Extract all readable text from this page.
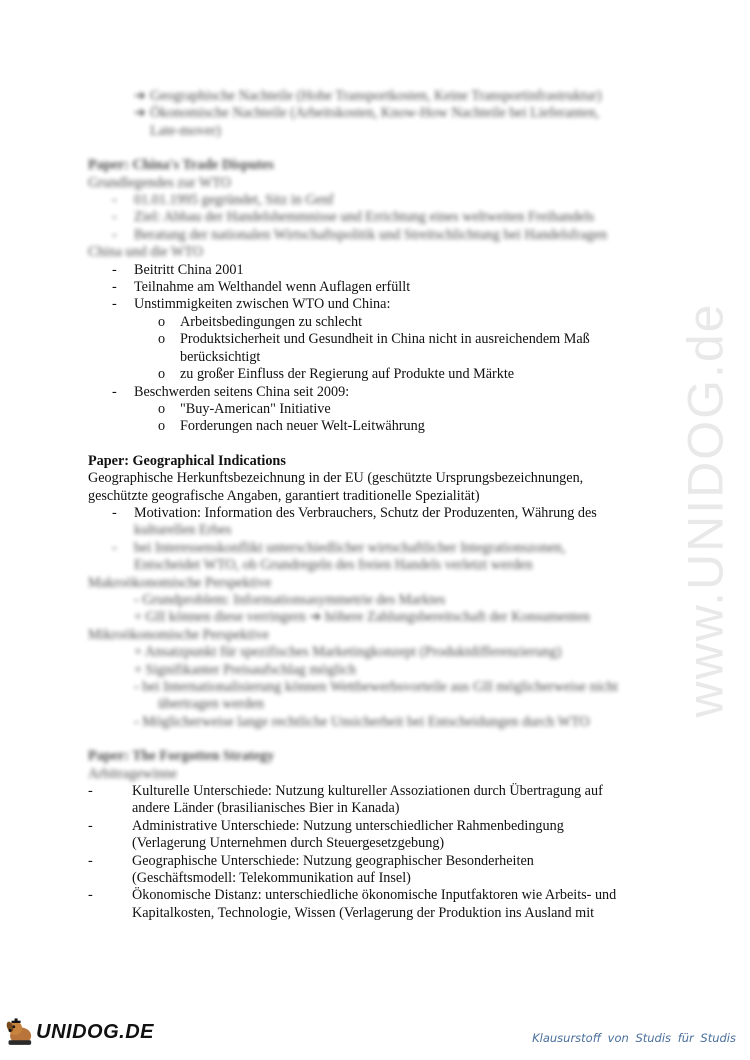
www.UNIDOG.de
➔ Geographische Nachteile (Hohe Transportkosten, Keine Transportinfrastruktur)
➔ Ökonomische Nachteile (Arbeitskosten, Know-How Nachteile bei Lieferanten,
Late-mover)
Paper: China's Trade Disputes
Grundlegendes zur WTO
-	01.01.1995 gegründet, Sitz in Genf
-	Ziel: Abbau der Handelshemmnisse und Errichtung eines weltweiten Freihandels
-	Beratung der nationalen Wirtschaftspolitik und Streitschlichtung bei Handelsfragen
China und die WTO
-	Beitritt China 2001
-	Teilnahme am Welthandel wenn Auflagen erfüllt
-	Unstimmigkeiten zwischen WTO und China:
o	Arbeitsbedingungen zu schlecht
o	Produktsicherheit und Gesundheit in China nicht in ausreichendem Maß
berücksichtigt
o	zu großer Einfluss der Regierung auf Produkte und Märkte
-	Beschwerden seitens China seit 2009:
o	"Buy-American" Initiative
o	Forderungen nach neuer Welt-Leitwährung
Paper: Geographical Indications
Geographische Herkunftsbezeichnung in der EU (geschützte Ursprungsbezeichnungen,
geschützte geografische Angaben, garantiert traditionelle Spezialität)
-	Motivation: Information des Verbrauchers, Schutz der Produzenten, Währung des
kulturellen Erbes
-	bei Interessenskonflikt unterschiedlicher wirtschaftlicher Integrationszonen,
Entscheidet WTO, ob Grundregeln des freien Handels verletzt werden
Makroökonomische Perspektive
- Grundproblem: Informationsasymmetrie des Marktes
+ GII können diese verringern ➔ höhere Zahlungsbereitschaft der Konsumenten
Mikroökonomische Perspektive
+ Ansatzpunkt für spezifisches Marketingkonzept (Produktdifferenzierung)
+ Signifikanter Preisaufschlag möglich
- bei Internationalisierung können Wettbewerbsvorteile aus GII möglicherweise nicht
übertragen werden
- Möglicherweise lange rechtliche Unsicherheit bei Entscheidungen durch WTO
Paper: The Forgotten Strategy
Arbitragewinne
-	Kulturelle Unterschiede: Nutzung kultureller Assoziationen durch Übertragung auf
andere Länder (brasilianisches Bier in Kanada)
-	Administrative Unterschiede: Nutzung unterschiedlicher Rahmenbedingung
(Verlagerung Unternehmen durch Steuergesetzgebung)
-	Geographische Unterschiede: Nutzung geographischer Besonderheiten
(Geschäftsmodell: Telekommunikation auf Insel)
-	Ökonomische Distanz: unterschiedliche ökonomische Inputfaktoren wie Arbeits- und
Kapitalkosten, Technologie, Wissen (Verlagerung der Produktion ins Ausland mit
UNIDOG.DE	Klausurstoff von Studis für Studis
